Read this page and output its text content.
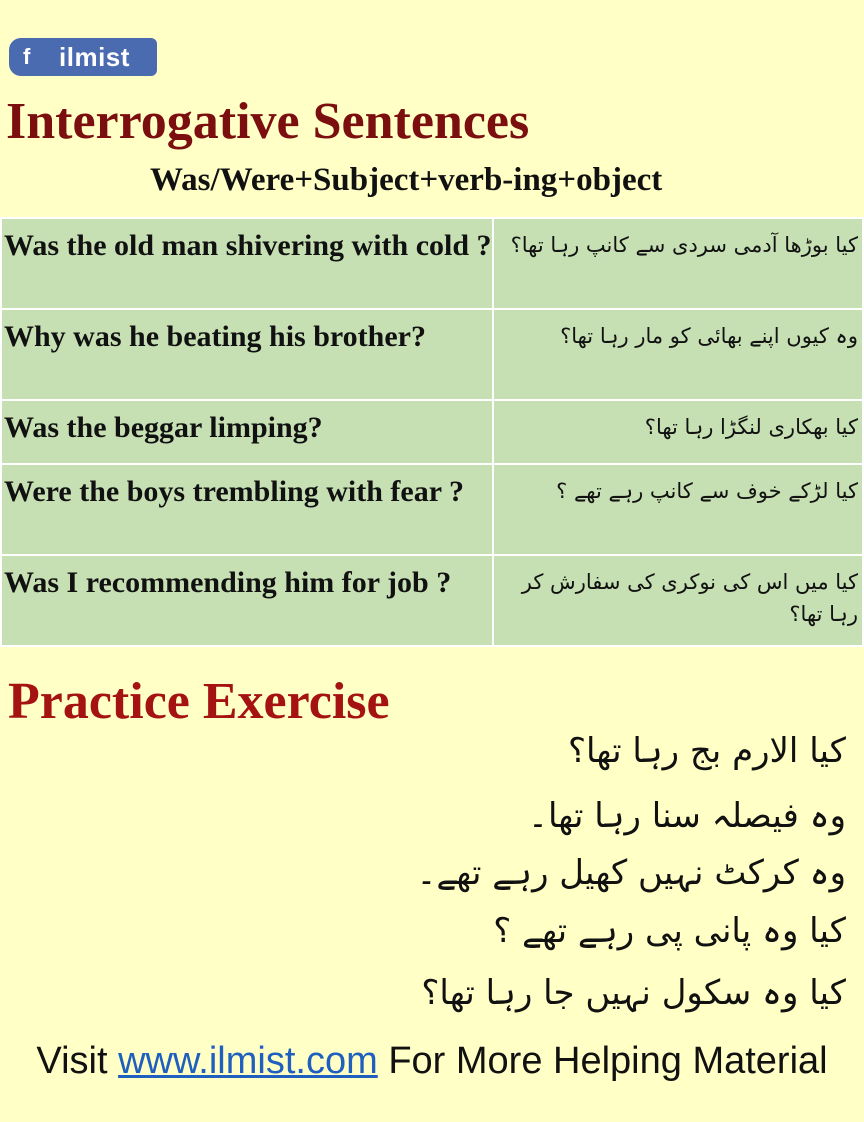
f	ilmist
Interrogative Sentences
Was/Were+Subject+verb-ing+object
Was the old man shivering with cold ?	کیا بوڑھا آدمی سردی سے کانپ رہا تھا؟
Why was he beating his brother?	وہ کیوں اپنے بھائی کو مار رہا تھا؟
Was the beggar limping?	کیا بھکاری لنگڑا رہا تھا؟
Were the boys trembling with fear ?	کیا لڑکے خوف سے کانپ رہے تھے ؟
Was I recommending him for job ?	کیا میں اس کی نوکری کی سفارش کر رہا تھا؟
Practice Exercise
کیا الارم بج رہا تھا؟
وہ فیصلہ سنا رہا تھا۔
وہ کرکٹ نہیں کھیل رہے تھے۔
کیا وہ پانی پی رہے تھے ؟
کیا وہ سکول نہیں جا رہا تھا؟
Visit www.ilmist.com For More Helping Material
